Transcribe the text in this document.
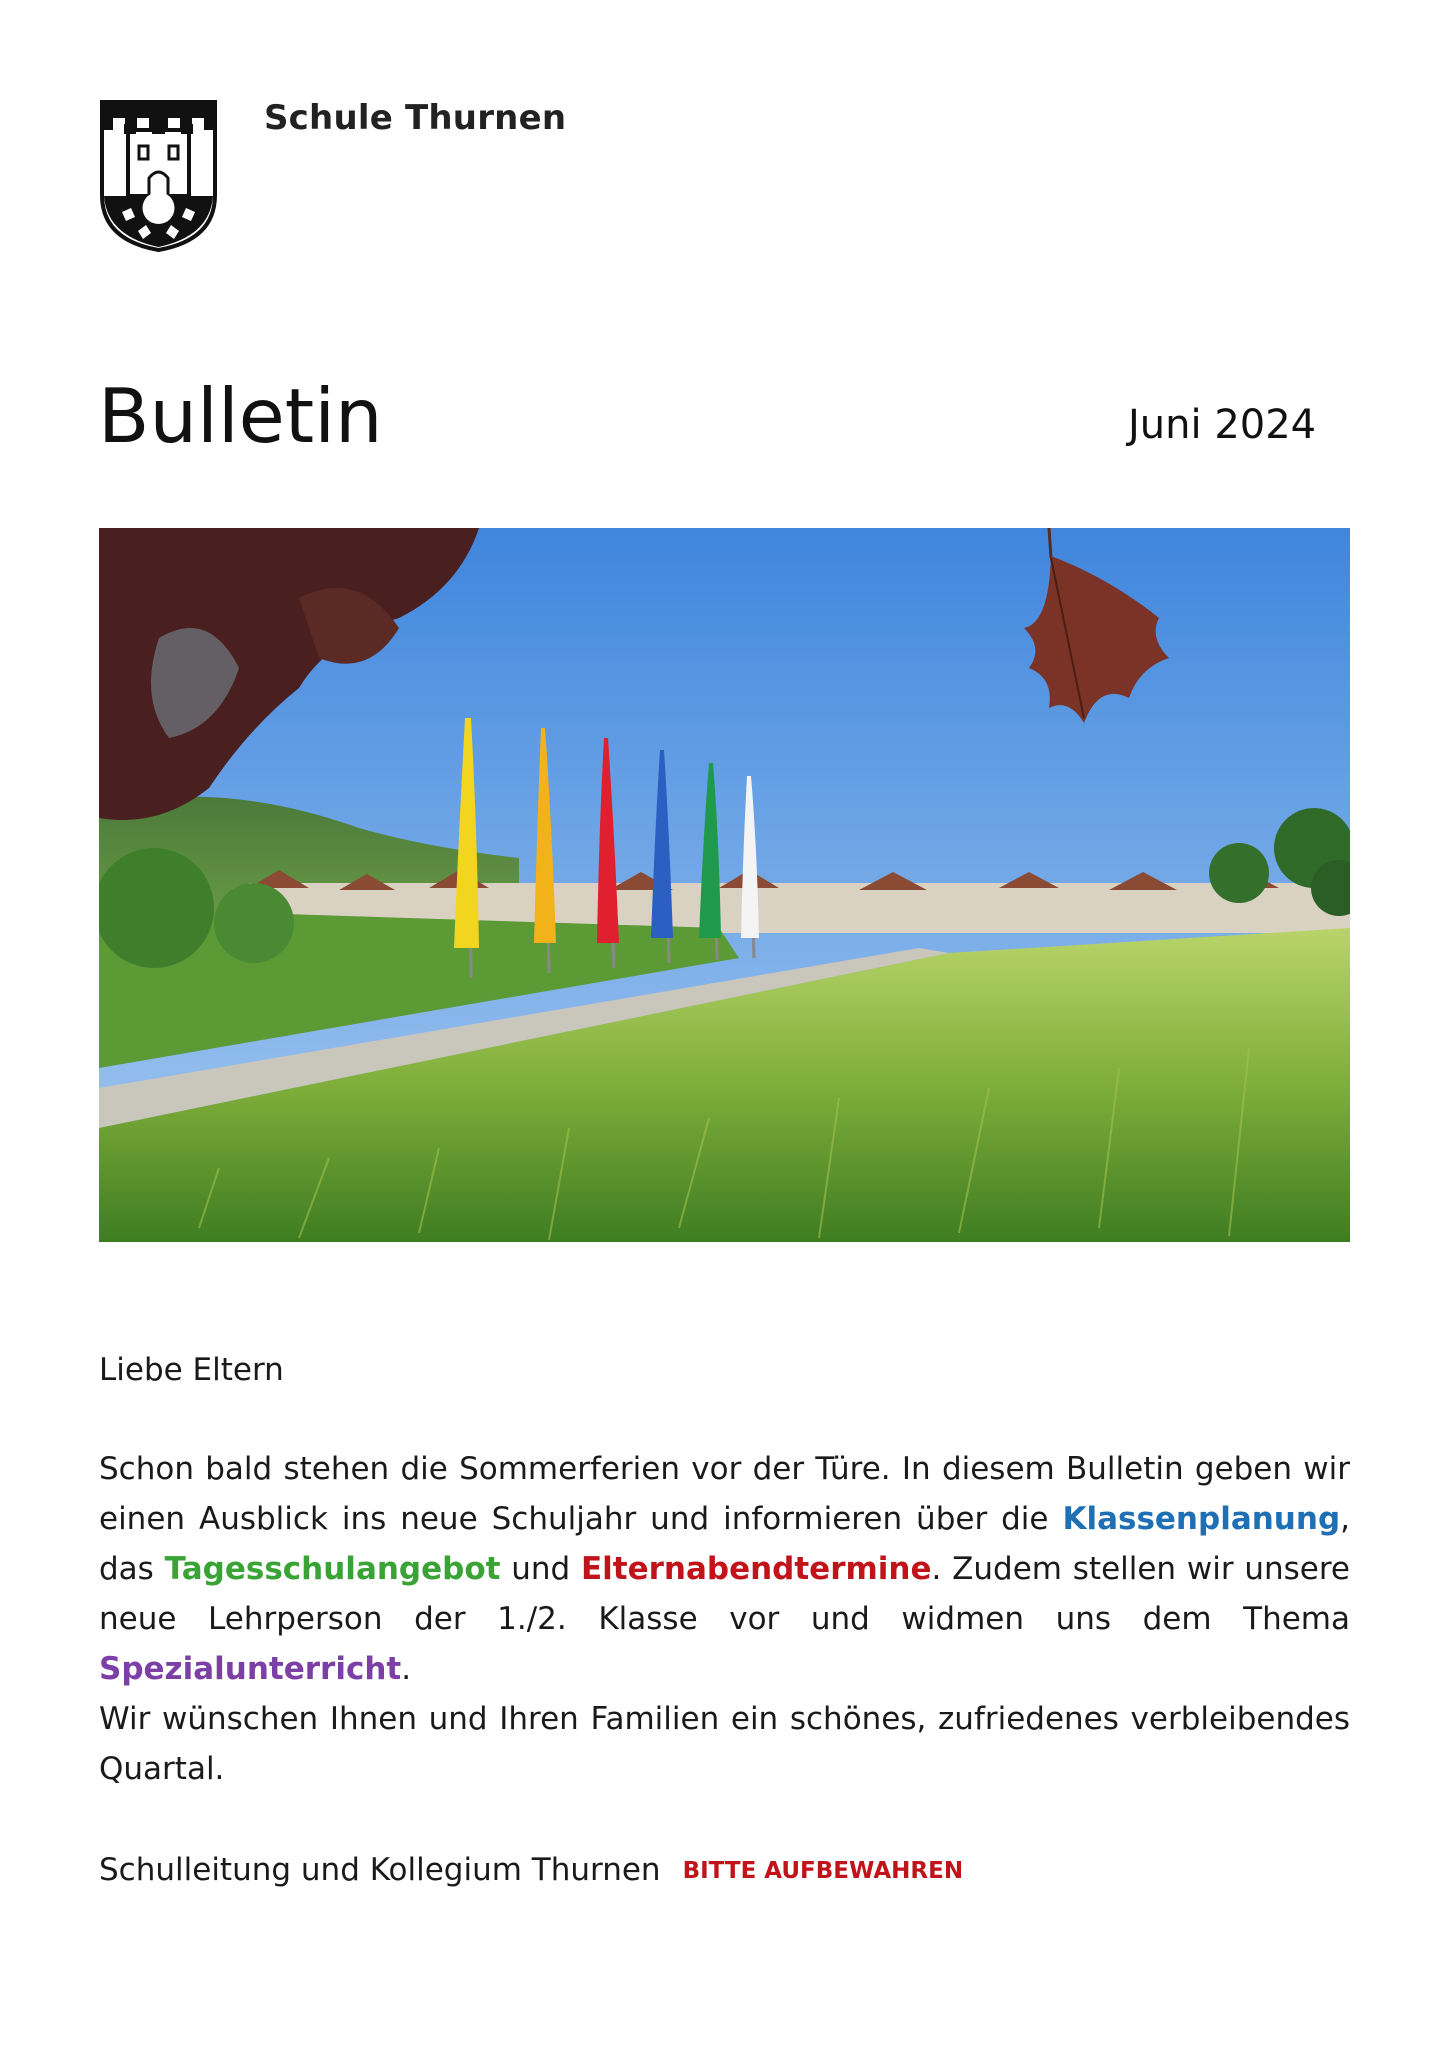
Schule Thurnen
Bulletin	Juni 2024
Liebe Eltern

Schon bald stehen die Sommerferien vor der Türe. In diesem Bulletin geben wir einen Ausblick ins neue Schuljahr und informieren über die Klassenplanung, das Tagesschulangebot und Elternabendtermine. Zudem stellen wir unsere neue Lehrperson der 1./2. Klasse vor und widmen uns dem Thema Spezialunterricht.

Wir wünschen Ihnen und Ihren Familien ein schönes, zufriedenes verbleibendes Quartal.

Schulleitung und Kollegium Thurnen BITTE AUFBEWAHREN
